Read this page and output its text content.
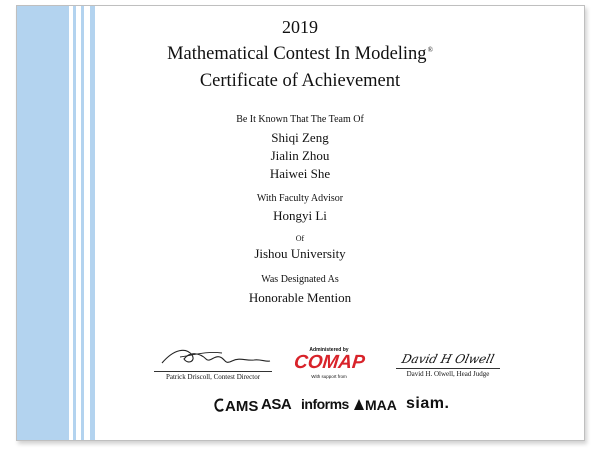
2019
Mathematical Contest In Modeling®
Certificate of Achievement
Be It Known That The Team Of
Shiqi Zeng
Jialin Zhou
Haiwei She
With Faculty Advisor
Hongyi Li
Of
Jishou University
Was Designated As
Honorable Mention
Patrick Driscoll, Contest Director
Administered by
COMAP
With support from
David H Olwell
David H. Olwell, Head Judge
AMS ASA informs	MAA siam.
